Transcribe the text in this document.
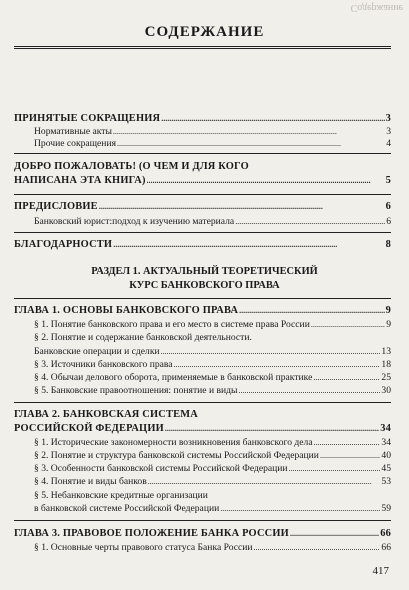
Содержание
СОДЕРЖАНИЕ
ПРИНЯТЫЕ СОКРАЩЕНИЯ . . .	3
Нормативные акты . . .	3
Прочие сокращения . . .	4
ДОБРО ПОЖАЛОВАТЬ! (О ЧЕМ И ДЛЯ КОГО
НАПИСАНА ЭТА КНИГА) . . .	5
ПРЕДИСЛОВИЕ . . .	6
Банковский юрист:подход к изучению материала . . .	6
БЛАГОДАРНОСТИ . . .	8
РАЗДЕЛ 1. АКТУАЛЬНЫЙ ТЕОРЕТИЧЕСКИЙ
КУРС БАНКОВСКОГО ПРАВА
ГЛАВА 1. ОСНОВЫ БАНКОВСКОГО ПРАВА . . .	9
§ 1. Понятие банковского права и его место в системе права России . . .	9
§ 2. Понятие и содержание банковской деятельности.
Банковские операции и сделки . . .	13
§ 3. Источники банковского права . . .	18
§ 4. Обычаи делового оборота, применяемые в банковской практике . . .	25
§ 5. Банковские правоотношения: понятие и виды . . .	30
ГЛАВА 2. БАНКОВСКАЯ СИСТЕМА
РОССИЙСКОЙ ФЕДЕРАЦИИ . . .	34
§ 1. Исторические закономерности возникновения банковского дела . . .	34
§ 2. Понятие и структура банковской системы Российской Федерации . . .	40
§ 3. Особенности банковской системы Российской Федерации . . .	45
§ 4. Понятие и виды банков . . .	53
§ 5. Небанковские кредитные организации
в банковской системе Российской Федерации . . .	59
ГЛАВА 3. ПРАВОВОЕ ПОЛОЖЕНИЕ БАНКА РОССИИ . . .	66
§ 1. Основные черты правового статуса Банка России . . .	66
417
